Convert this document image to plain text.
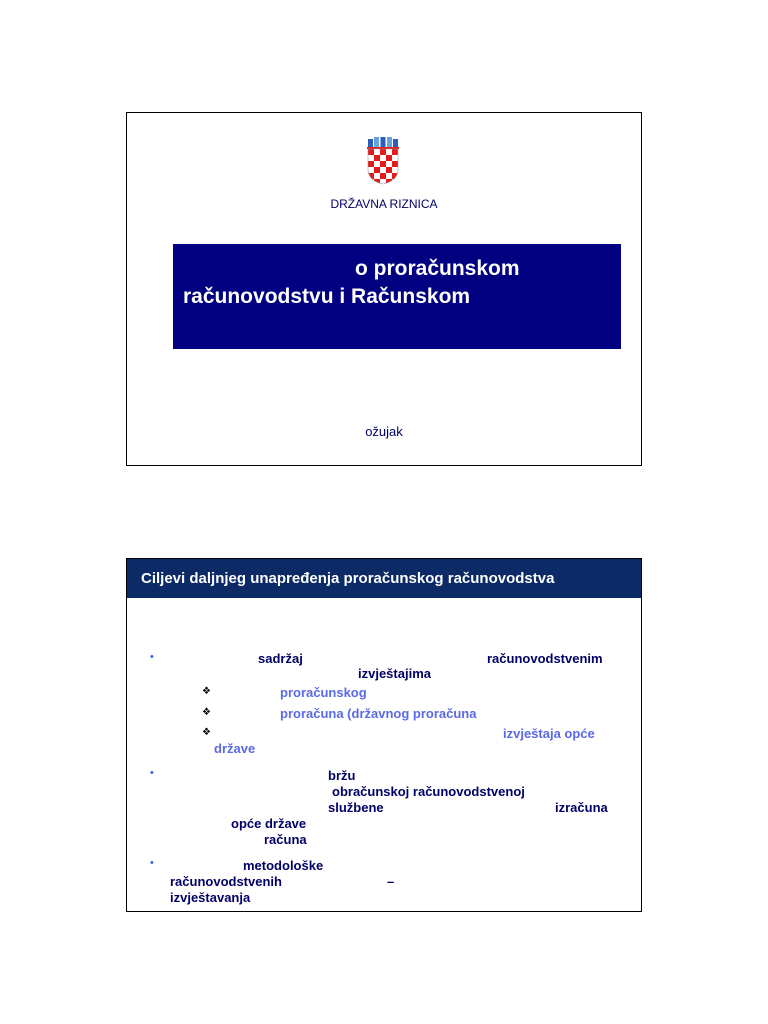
DRŽAVNA RIZNICA
o proračunskom
računovodstvu i Računskom
ožujak
Ciljevi daljnjeg unapređenja proračunskog računovodstva
•	sadržaj	računovodstvenim
izvještajima
❖	proračunskog
❖	proračuna (državnog proračuna
❖	izvještaja opće
države
•	bržu
obračunskoj računovodstvenoj
službene	izračuna
opće države
računa
•	metodološke
računovodstvenih	–
izvještavanja
